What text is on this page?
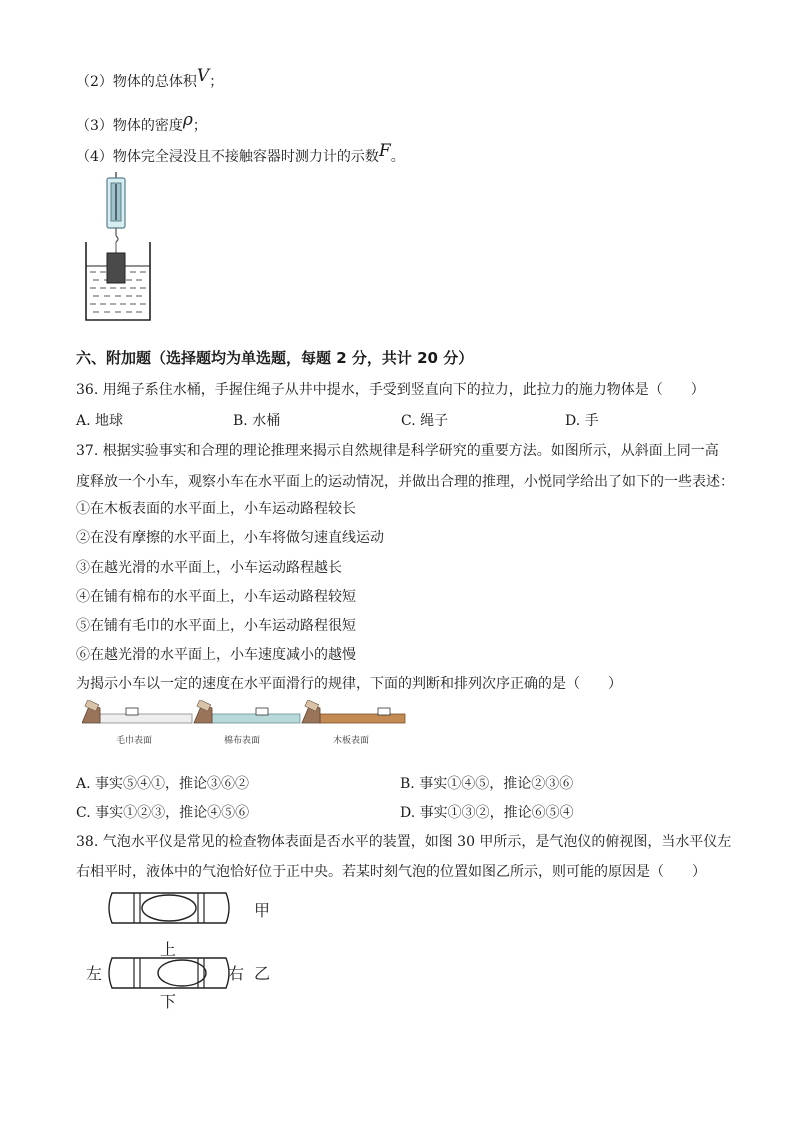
（2）物体的总体积V；
（3）物体的密度ρ；
（4）物体完全浸没且不接触容器时测力计的示数F。
六、附加题（选择题均为单选题，每题 2 分，共计 20 分）
36. 用绳子系住水桶，手握住绳子从井中提水，手受到竖直向下的拉力，此拉力的施力物体是（　　）
A. 地球	B. 水桶	C. 绳子	D. 手
37. 根据实验事实和合理的理论推理来揭示自然规律是科学研究的重要方法。如图所示，从斜面上同一高
度释放一个小车，观察小车在水平面上的运动情况，并做出合理的推理，小悦同学给出了如下的一些表述：
①在木板表面的水平面上，小车运动路程较长
②在没有摩擦的水平面上，小车将做匀速直线运动
③在越光滑的水平面上，小车运动路程越长
④在铺有棉布的水平面上，小车运动路程较短
⑤在铺有毛巾的水平面上，小车运动路程很短
⑥在越光滑的水平面上，小车速度减小的越慢
为揭示小车以一定的速度在水平面滑行的规律，下面的判断和排列次序正确的是（　　）
毛巾表面	棉布表面	木板表面
A. 事实⑤④①，推论③⑥②	B. 事实①④⑤，推论②③⑥
C. 事实①②③，推论④⑤⑥	D. 事实①③②，推论⑥⑤④
38. 气泡水平仪是常见的检查物体表面是否水平的装置，如图 30 甲所示，是气泡仪的俯视图，当水平仪左
右相平时，液体中的气泡恰好位于正中央。若某时刻气泡的位置如图乙所示，则可能的原因是（　　）
甲
上
左	右 乙
下
